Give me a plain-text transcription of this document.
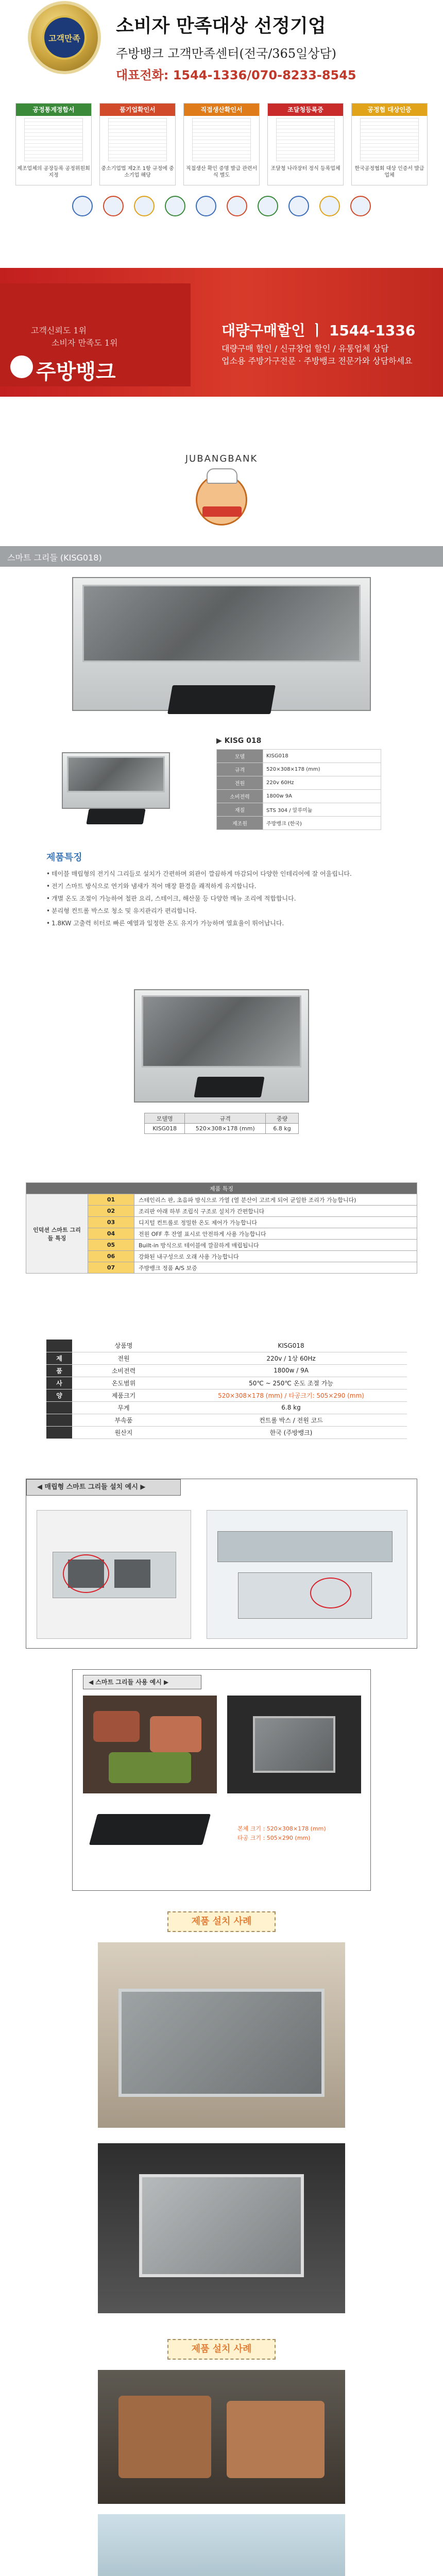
고객만족
소비자 만족대상 선정기업
주방뱅크 고객만족센터(전국/365일상담)
대표전화: 1544-1336/070-8233-8545
공정통계정합서
제조업체의 공장등록 공정위원회 지정
품기업확인서
중소기업법 제2조 1항 규정에 중소기업 해당
직접생산확인서
직접생산 확인 증명 발급 관련서식 별도
조달청등록증
조달청 나라장터 정식 등록업체
공정협 대상인증
한국공정협회 대상 인증서 발급 업체
고객신뢰도 1위
소비자 만족도 1위
주방뱅크
대량구매할인 ㅣ 1544-1336
대량구매 할인 / 신규창업 할인 / 유통업체 상담
업소용 주방가구전문 · 주방뱅크 전문가와 상담하세요
JUBANGBANK
스마트 그리들 (KISG018)
▶ KISG 018
모델	KISG018
규격	520×308×178 (mm)
전원	220v 60Hz
소비전력	1800w 9A
재질	STS 304 / 알루미늄
제조원	주방뱅크 (한국)
제품특징
• 테이블 매립형의 전기식 그리들로 설치가 간편하며 외관이 깔끔하게 마감되어 다양한 인테리어에 잘 어울립니다.
• 전기 스마트 방식으로 연기와 냄새가 적어 매장 환경을 쾌적하게 유지합니다.
• 개별 온도 조절이 가능하여 철판 요리, 스테이크, 해산물 등 다양한 메뉴 조리에 적합합니다.
• 분리형 컨트롤 박스로 청소 및 유지관리가 편리합니다.
• 1.8KW 고출력 히터로 빠른 예열과 일정한 온도 유지가 가능하며 열효율이 뛰어납니다.
모델명	규격	중량
KISG018	520×308×178 (mm)	6.8 kg
제품 특징		
인덕션 스마트 그리들 특징	01	스테인리스 판, 초음파 방식으로 가열 (열 분산이 고르게 되어 균일한 조리가 가능합니다)
	02	조리판 아래 하부 조립식 구조로 설치가 간편합니다
	03	디지털 컨트롤로 정밀한 온도 제어가 가능합니다
	04	전원 OFF 후 잔열 표시로 안전하게 사용 가능합니다
	05	Built-in 방식으로 테이블에 깔끔하게 매립됩니다
	06	강화된 내구성으로 오래 사용 가능합니다
	07	주방뱅크 정품 A/S 보증
	상품명	KISG018
제	전원	220v / 1상 60Hz
품	소비전력	1800w / 9A
사	온도범위	50℃ ~ 250℃ 온도 조절 가능
양	제품크기	520×308×178 (mm) / 타공크기: 505×290 (mm)
	무게	6.8 kg
	부속품	컨트롤 박스 / 전원 코드
	원산지	한국 (주방뱅크)
◀ 매립형 스마트 그리들 설치 예시 ▶
◀ 스마트 그리들 사용 예시 ▶
본체 크기 : 520×308×178 (mm)
타공 크기 : 505×290 (mm)
제품 설치 사례
제품 설치 사례
